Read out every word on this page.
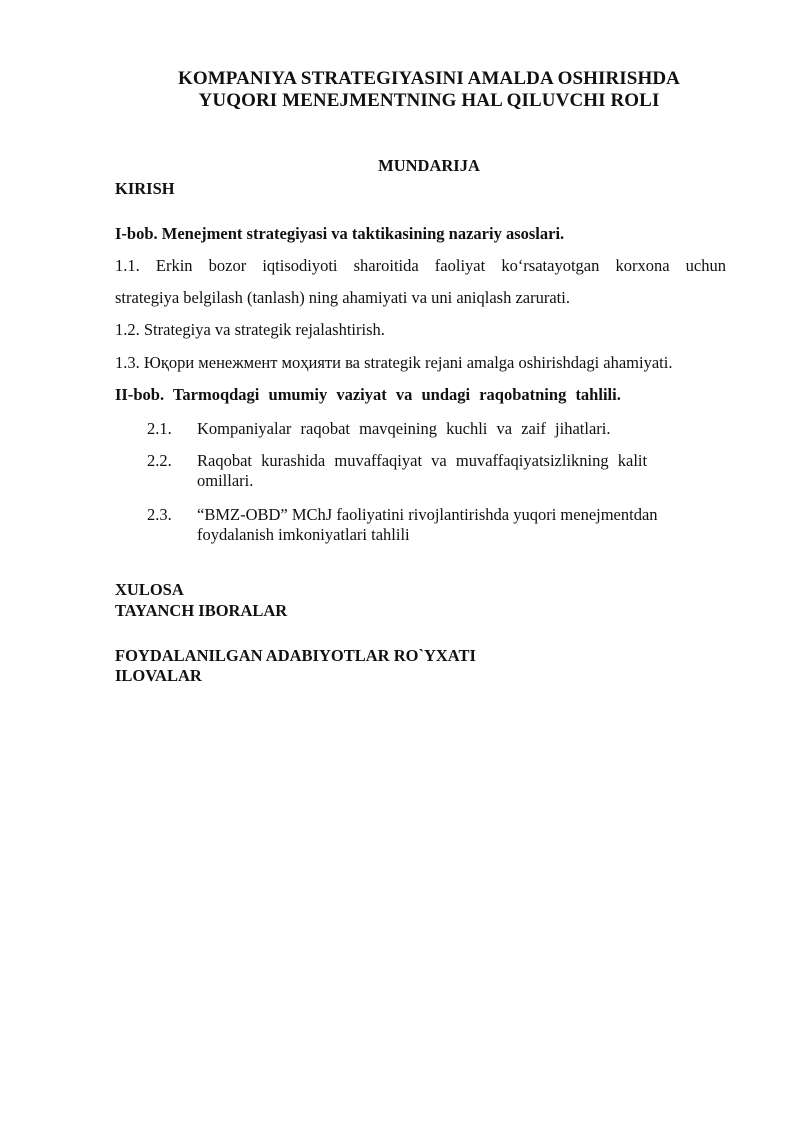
KOMPANIYA STRATEGIYASINI AMALDA OSHIRISHDA
YUQORI MENEJMENTNING HAL QILUVCHI ROLI
MUNDARIJA
KIRISH
I-bob. Menejment strategiyasi va taktikasining nazariy asoslari.
1.1. Erkin bozor iqtisodiyoti sharoitida faoliyat ko‘rsatayotgan korxona uchun
strategiya belgilash (tanlash) ning ahamiyati va uni aniqlash zarurati.
1.2. Strategiya va strategik rejalashtirish.
1.3. Юқори менежмент моҳияти ва strategik rejani amalga oshirishdagi ahamiyati.
II-bob. Tarmoqdagi umumiy vaziyat va undagi raqobatning tahlili.
2.1.	Kompaniyalar raqobat mavqeining kuchli va zaif jihatlari.
2.2.	Raqobat kurashida muvaffaqiyat va muvaffaqiyatsizlikning kalit
omillari.
2.3.	“BMZ-OBD” MChJ faoliyatini rivojlantirishda yuqori menejmentdan
foydalanish imkoniyatlari tahlili
XULOSA
TAYANCH IBORALAR
FOYDALANILGAN ADABIYOTLAR RO`YXATI
ILOVALAR
